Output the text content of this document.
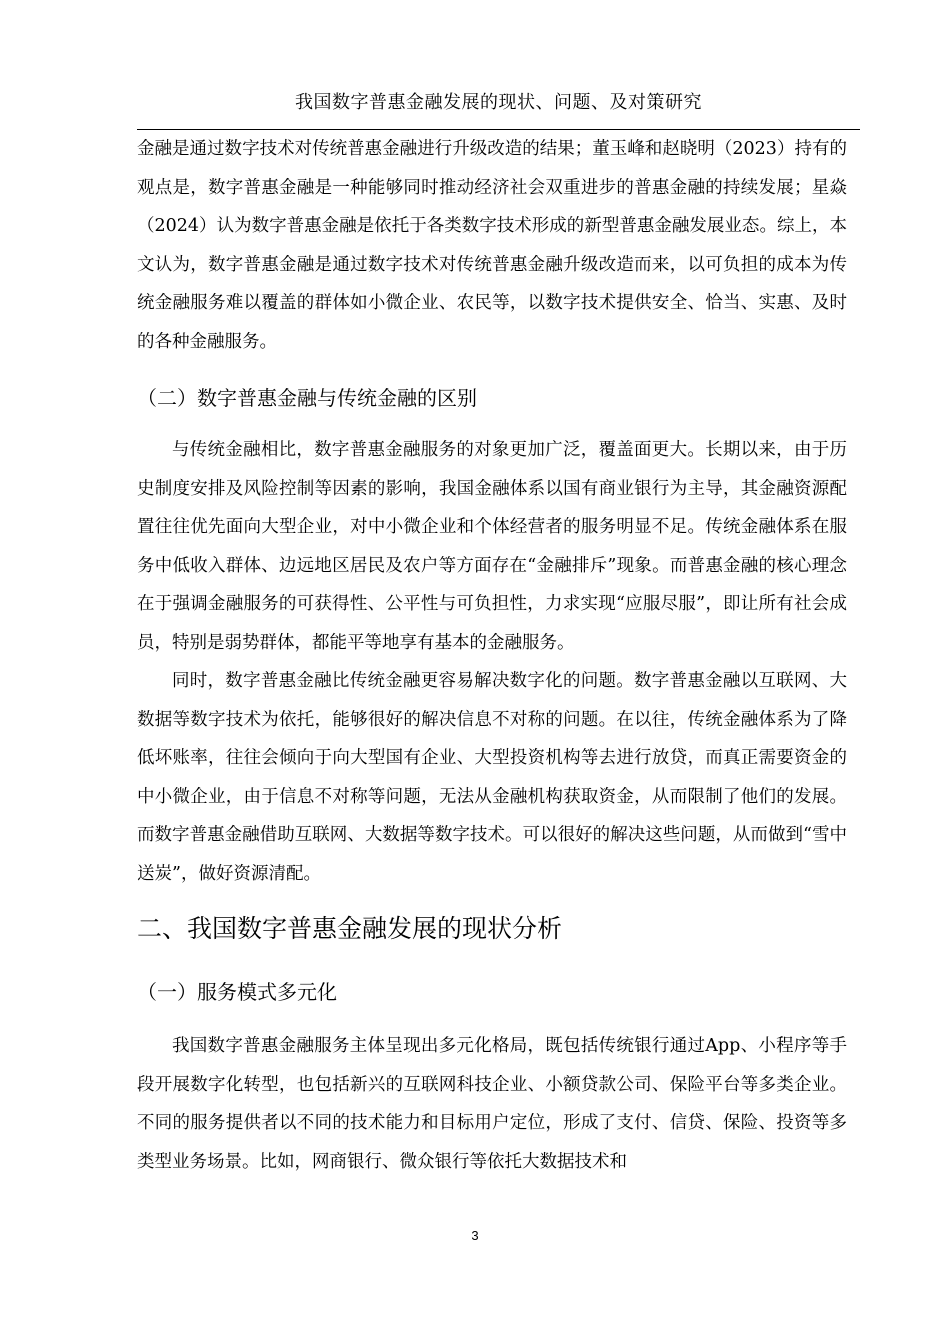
我国数字普惠金融发展的现状、问题、及对策研究

金融是通过数字技术对传统普惠金融进行升级改造的结果；董玉峰和赵晓明（2023）持有的观点是，数字普惠金融是一种能够同时推动经济社会双重进步的普惠金融的持续发展；星焱（2024）认为数字普惠金融是依托于各类数字技术形成的新型普惠金融发展业态。综上，本文认为，数字普惠金融是通过数字技术对传统普惠金融升级改造而来，以可负担的成本为传统金融服务难以覆盖的群体如小微企业、农民等，以数字技术提供安全、恰当、实惠、及时的各种金融服务。

（二）数字普惠金融与传统金融的区别

与传统金融相比，数字普惠金融服务的对象更加广泛，覆盖面更大。长期以来，由于历史制度安排及风险控制等因素的影响，我国金融体系以国有商业银行为主导，其金融资源配置往往优先面向大型企业，对中小微企业和个体经营者的服务明显不足。传统金融体系在服务中低收入群体、边远地区居民及农户等方面存在“金融排斥”现象。而普惠金融的核心理念在于强调金融服务的可获得性、公平性与可负担性，力求实现“应服尽服”，即让所有社会成员，特别是弱势群体，都能平等地享有基本的金融服务。

同时，数字普惠金融比传统金融更容易解决数字化的问题。数字普惠金融以互联网、大数据等数字技术为依托，能够很好的解决信息不对称的问题。在以往，传统金融体系为了降低坏账率，往往会倾向于向大型国有企业、大型投资机构等去进行放贷，而真正需要资金的中小微企业，由于信息不对称等问题，无法从金融机构获取资金，从而限制了他们的发展。而数字普惠金融借助互联网、大数据等数字技术。可以很好的解决这些问题，从而做到“雪中送炭”，做好资源清配。

二、我国数字普惠金融发展的现状分析
（一）服务模式多元化

我国数字普惠金融服务主体呈现出多元化格局，既包括传统银行通过App、小程序等手段开展数字化转型，也包括新兴的互联网科技企业、小额贷款公司、保险平台等多类企业。不同的服务提供者以不同的技术能力和目标用户定位，形成了支付、信贷、保险、投资等多类型业务场景。比如，网商银行、微众银行等依托大数据技术和

3
